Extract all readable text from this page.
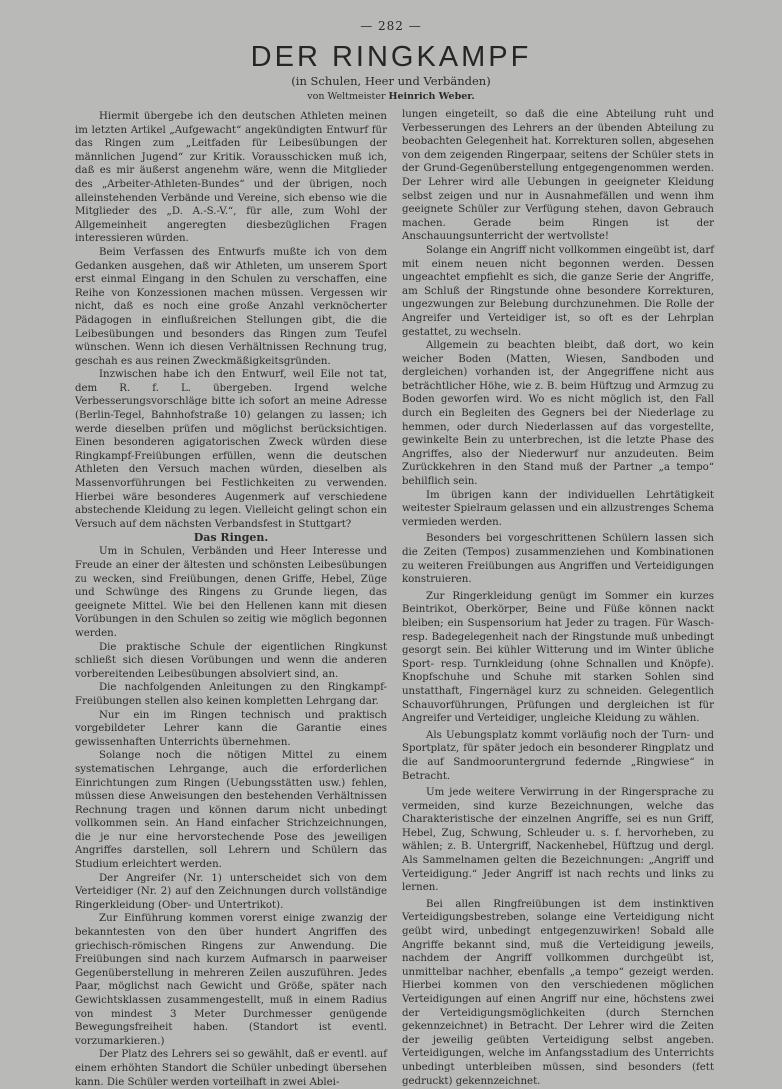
— 282 —
DER RINGKAMPF
(in Schulen, Heer und Verbänden)
von Weltmeister Heinrich Weber.

Hiermit übergebe ich den deutschen Athleten meinen im letzten Artikel „Aufgewacht“ angekündigten Entwurf für das Ringen zum „Leitfaden für Leibesübungen der männlichen Jugend“ zur Kritik. Vorausschicken muß ich, daß es mir äußerst angenehm wäre, wenn die Mitglieder des „Arbeiter-Athleten-Bundes“ und der übrigen, noch alleinstehenden Verbände und Vereine, sich ebenso wie die Mitglieder des „D. A.-S.-V.“, für alle, zum Wohl der Allgemeinheit angeregten diesbezüglichen Fragen interessieren würden.

Beim Verfassen des Entwurfs mußte ich von dem Gedanken ausgehen, daß wir Athleten, um unserem Sport erst einmal Eingang in den Schulen zu verschaffen, eine Reihe von Konzessionen machen müssen. Vergessen wir nicht, daß es noch eine große Anzahl verknöcherter Pädagogen in einflußreichen Stellungen gibt, die die Leibesübungen und besonders das Ringen zum Teufel wünschen. Wenn ich diesen Verhältnissen Rechnung trug, geschah es aus reinen Zweckmäßigkeitsgründen.

Inzwischen habe ich den Entwurf, weil Eile not tat, dem R. f. L. übergeben. Irgend welche Verbesserungsvorschläge bitte ich sofort an meine Adresse (Berlin-Tegel, Bahnhofstraße 10) gelangen zu lassen; ich werde dieselben prüfen und möglichst berücksichtigen. Einen besonderen agigatorischen Zweck würden diese Ringkampf-Freiübungen erfüllen, wenn die deutschen Athleten den Versuch machen würden, dieselben als Massenvorführungen bei Festlichkeiten zu verwenden. Hierbei wäre besonderes Augenmerk auf verschiedene abstechende Kleidung zu legen. Vielleicht gelingt schon ein Versuch auf dem nächsten Verbandsfest in Stuttgart?

Das Ringen.

Um in Schulen, Verbänden und Heer Interesse und Freude an einer der ältesten und schönsten Leibesübungen zu wecken, sind Freiübungen, denen Griffe, Hebel, Züge und Schwünge des Ringens zu Grunde liegen, das geeignete Mittel. Wie bei den Hellenen kann mit diesen Vorübungen in den Schulen so zeitig wie möglich begonnen werden.

Die praktische Schule der eigentlichen Ringkunst schließt sich diesen Vorübungen und wenn die anderen vorbereitenden Leibesübungen absolviert sind, an.

Die nachfolgenden Anleitungen zu den Ringkampf-Freiübungen stellen also keinen kompletten Lehrgang dar.

Nur ein im Ringen technisch und praktisch vorgebildeter Lehrer kann die Garantie eines gewissenhaften Unterrichts übernehmen.

Solange noch die nötigen Mittel zu einem systematischen Lehrgange, auch die erforderlichen Einrichtungen zum Ringen (Uebungsstätten usw.) fehlen, müssen diese Anweisungen den bestehenden Verhältnissen Rechnung tragen und können darum nicht unbedingt vollkommen sein. An Hand einfacher Strichzeichnungen, die je nur eine hervorstechende Pose des jeweiligen Angriffes darstellen, soll Lehrern und Schülern das Studium erleichtert werden.

Der Angreifer (Nr. 1) unterscheidet sich von dem Verteidiger (Nr. 2) auf den Zeichnungen durch vollständige Ringerkleidung (Ober- und Untertrikot).

Zur Einführung kommen vorerst einige zwanzig der bekanntesten von den über hundert Angriffen des griechisch-römischen Ringens zur Anwendung. Die Freiübungen sind nach kurzem Aufmarsch in paarweiser Gegenüberstellung in mehreren Zeilen auszuführen. Jedes Paar, möglichst nach Gewicht und Größe, später nach Gewichtsklassen zusammengestellt, muß in einem Radius von mindest 3 Meter Durchmesser genügende Bewegungsfreiheit haben. (Standort ist eventl. vorzumarkieren.)

Der Platz des Lehrers sei so gewählt, daß er eventl. auf einem erhöhten Standort die Schüler unbedingt übersehen kann. Die Schüler werden vorteilhaft in zwei Ablei-

lungen eingeteilt, so daß die eine Abteilung ruht und Verbesserungen des Lehrers an der übenden Abteilung zu beobachten Gelegenheit hat. Korrekturen sollen, abgesehen von dem zeigenden Ringerpaar, seitens der Schüler stets in der Grund-Gegenüberstellung entgegengenommen werden. Der Lehrer wird alle Uebungen in geeigneter Kleidung selbst zeigen und nur in Ausnahmefällen und wenn ihm geeignete Schüler zur Verfügung stehen, davon Gebrauch machen. Gerade beim Ringen ist der Anschauungsunterricht der wertvollste!

Solange ein Angriff nicht vollkommen eingeübt ist, darf mit einem neuen nicht begonnen werden. Dessen ungeachtet empfiehlt es sich, die ganze Serie der Angriffe, am Schluß der Ringstunde ohne besondere Korrekturen, ungezwungen zur Belebung durchzunehmen. Die Rolle der Angreifer und Verteidiger ist, so oft es der Lehrplan gestattet, zu wechseln.

Allgemein zu beachten bleibt, daß dort, wo kein weicher Boden (Matten, Wiesen, Sandboden und dergleichen) vorhanden ist, der Angegriffene nicht aus beträchtlicher Höhe, wie z. B. beim Hüftzug und Armzug zu Boden geworfen wird. Wo es nicht möglich ist, den Fall durch ein Begleiten des Gegners bei der Niederlage zu hemmen, oder durch Niederlassen auf das vorgestellte, gewinkelte Bein zu unterbrechen, ist die letzte Phase des Angriffes, also der Niederwurf nur anzudeuten. Beim Zurückkehren in den Stand muß der Partner „a tempo“ behilflich sein.

Im übrigen kann der individuellen Lehrtätigkeit weitester Spielraum gelassen und ein allzustrenges Schema vermieden werden.

Besonders bei vorgeschrittenen Schülern lassen sich die Zeiten (Tempos) zusammenziehen und Kombinationen zu weiteren Freiübungen aus Angriffen und Verteidigungen konstruieren.

Zur Ringerkleidung genügt im Sommer ein kurzes Beintrikot, Oberkörper, Beine und Füße können nackt bleiben; ein Suspensorium hat Jeder zu tragen. Für Wasch- resp. Badegelegenheit nach der Ringstunde muß unbedingt gesorgt sein. Bei kühler Witterung und im Winter übliche Sport- resp. Turnkleidung (ohne Schnallen und Knöpfe). Knopfschuhe und Schuhe mit starken Sohlen sind unstatthaft, Fingernägel kurz zu schneiden. Gelegentlich Schauvorführungen, Prüfungen und dergleichen ist für Angreifer und Verteidiger, ungleiche Kleidung zu wählen.

Als Uebungsplatz kommt vorläufig noch der Turn- und Sportplatz, für später jedoch ein besonderer Ringplatz und die auf Sandmooruntergrund federnde „Ringwiese“ in Betracht.

Um jede weitere Verwirrung in der Ringersprache zu vermeiden, sind kurze Bezeichnungen, welche das Charakteristische der einzelnen Angriffe, sei es nun Griff, Hebel, Zug, Schwung, Schleuder u. s. f. hervorheben, zu wählen; z. B. Untergriff, Nackenhebel, Hüftzug und dergl. Als Sammelnamen gelten die Bezeichnungen: „Angriff und Verteidigung.“ Jeder Angriff ist nach rechts und links zu lernen.

Bei allen Ringfreiübungen ist dem instinktiven Verteidigungsbestreben, solange eine Verteidigung nicht geübt wird, unbedingt entgegenzuwirken! Sobald alle Angriffe bekannt sind, muß die Verteidigung jeweils, nachdem der Angriff vollkommen durchgeübt ist, unmittelbar nachher, ebenfalls „a tempo“ gezeigt werden. Hierbei kommen von den verschiedenen möglichen Verteidigungen auf einen Angriff nur eine, höchstens zwei der Verteidigungsmöglichkeiten (durch Sternchen gekennzeichnet) in Betracht. Der Lehrer wird die Zeiten der jeweilig geübten Verteidigung selbst angeben. Verteidigungen, welche im Anfangsstadium des Unterrichts unbedingt unterbleiben müssen, sind besonders (fett gedruckt) gekennzeichnet.
